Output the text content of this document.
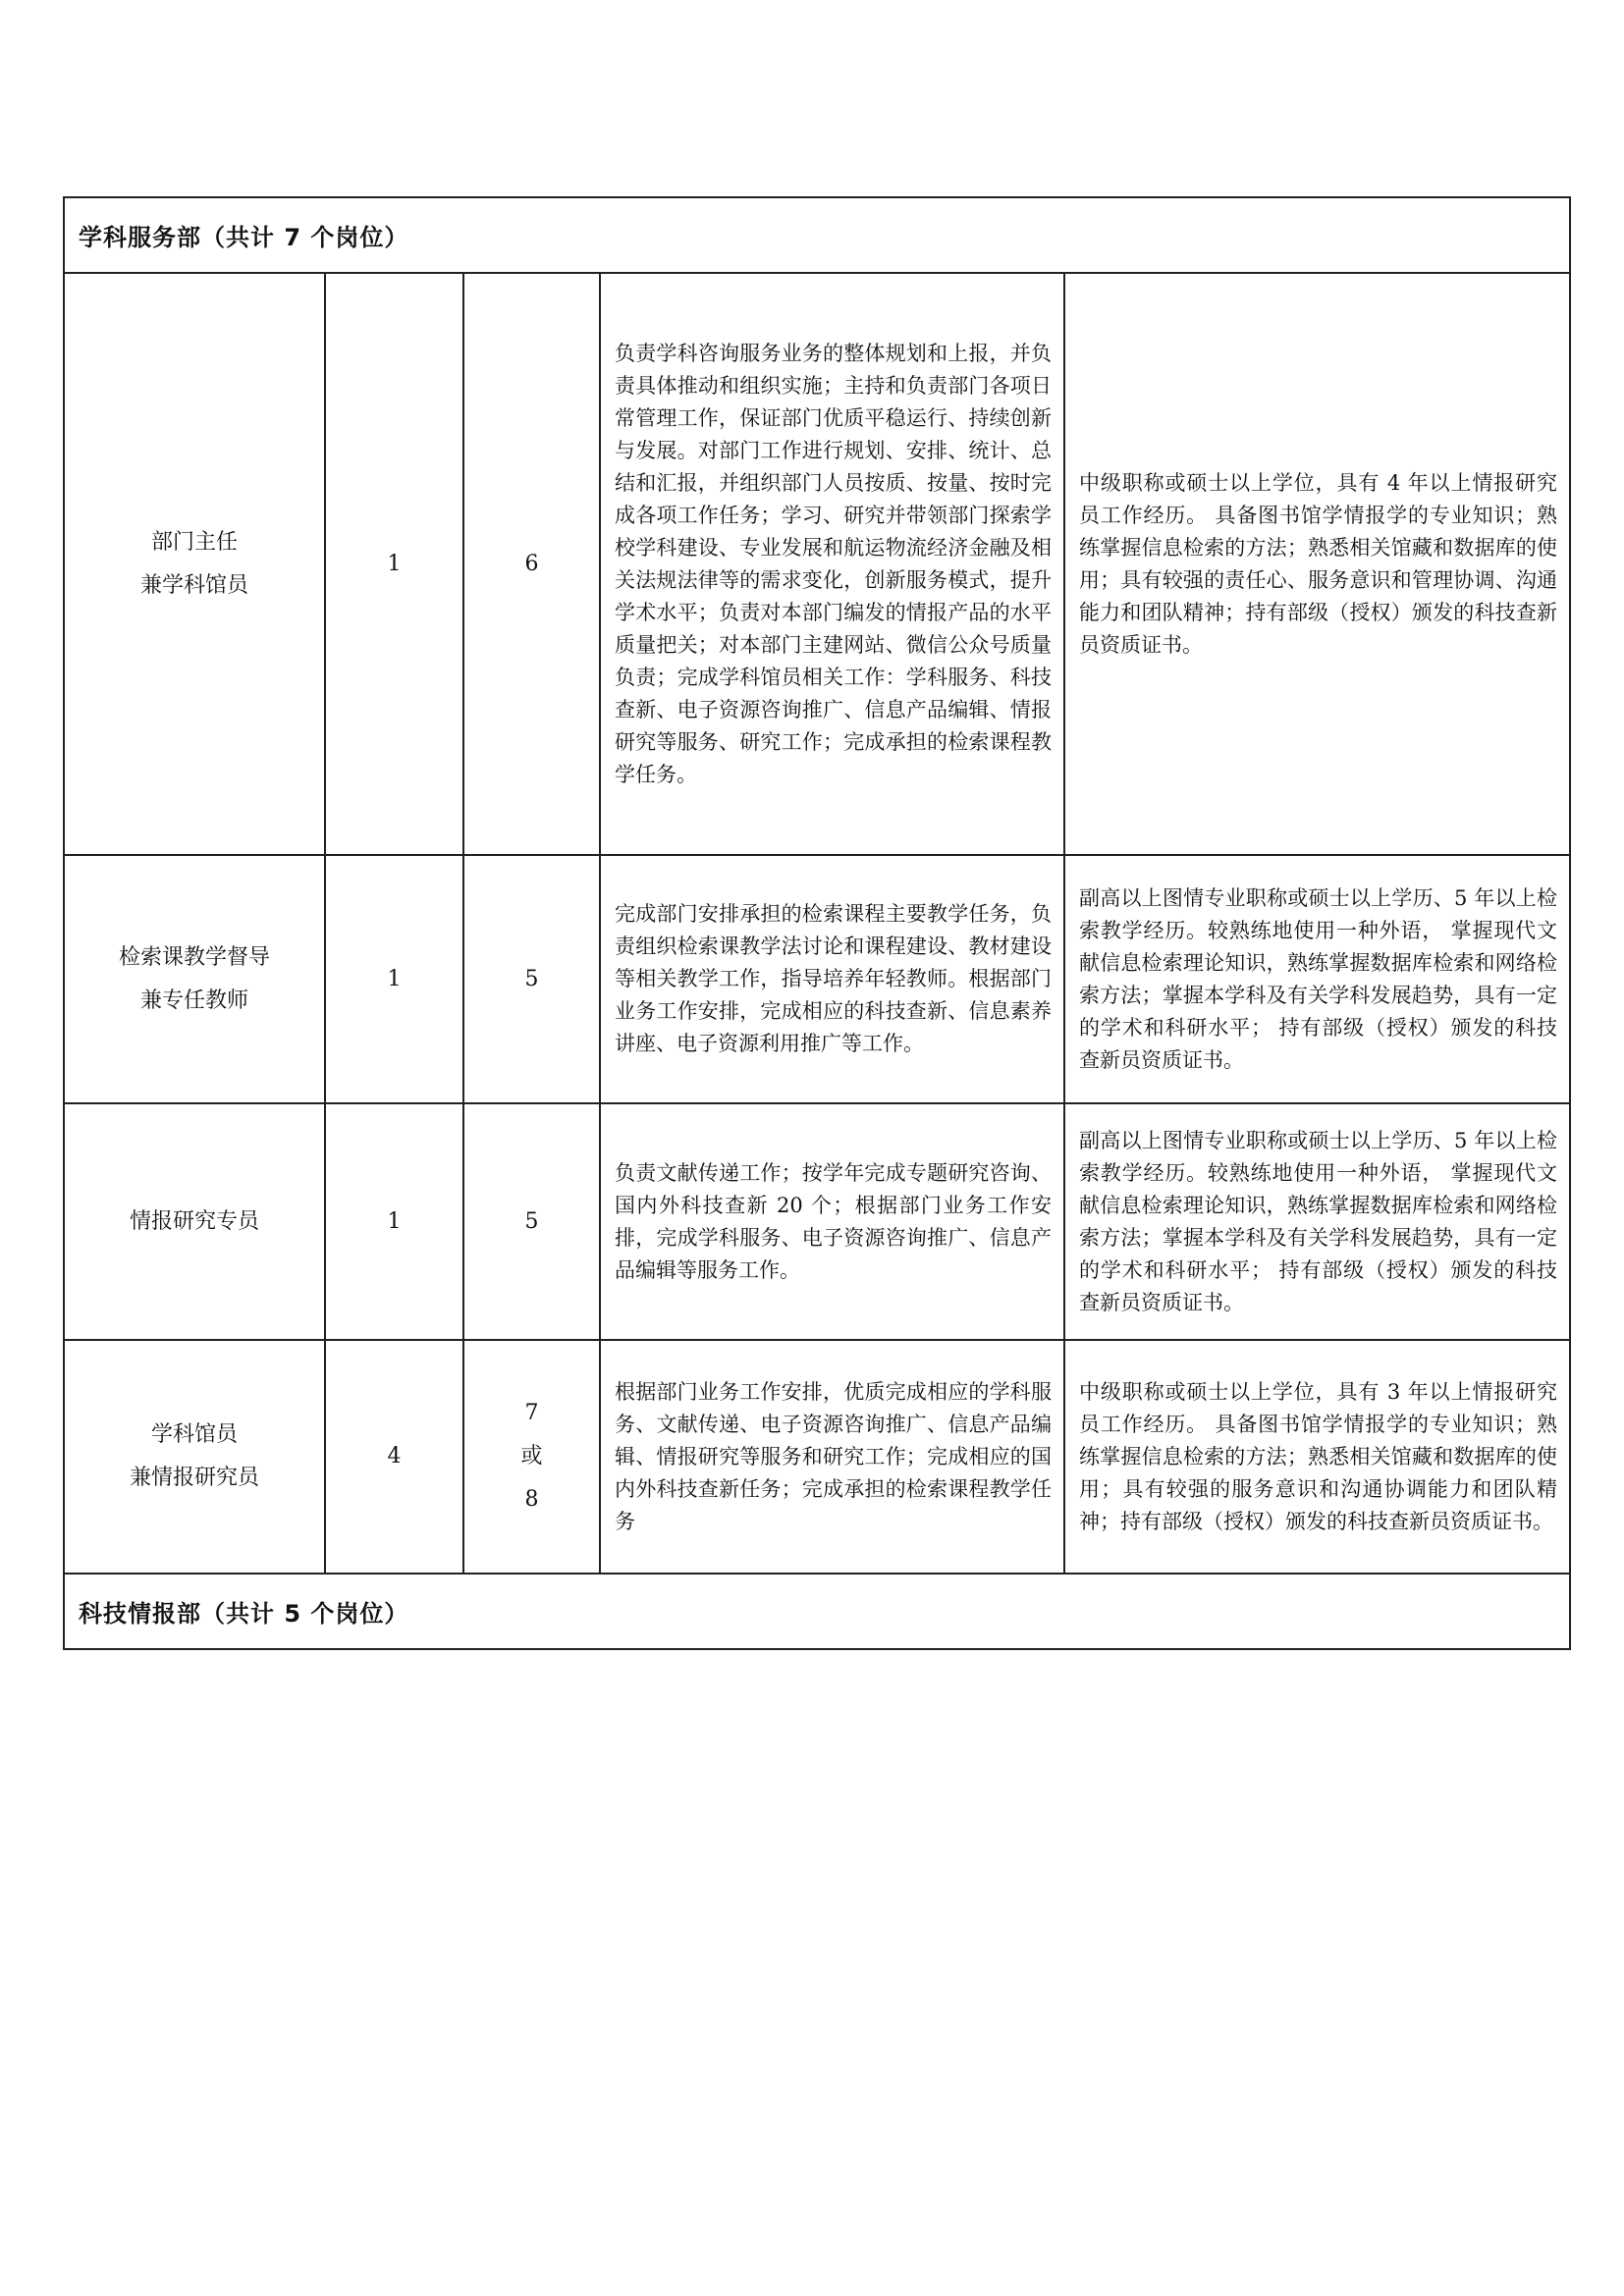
学科服务部（共计 7 个岗位）				

部门主任
兼学科馆员	1	6	负责学科咨询服务业务的整体规划和上报，并负责具体推动和组织实施；主持和负责部门各项日常管理工作，保证部门优质平稳运行、持续创新与发展。对部门工作进行规划、安排、统计、总结和汇报，并组织部门人员按质、按量、按时完成各项工作任务；学习、研究并带领部门探索学校学科建设、专业发展和航运物流经济金融及相关法规法律等的需求变化，创新服务模式，提升学术水平；负责对本部门编发的情报产品的水平质量把关；对本部门主建网站、微信公众号质量负责；完成学科馆员相关工作：学科服务、科技查新、电子资源咨询推广、信息产品编辑、情报研究等服务、研究工作；完成承担的检索课程教学任务。	中级职称或硕士以上学位，具有 4 年以上情报研究员工作经历。 具备图书馆学情报学的专业知识；熟练掌握信息检索的方法；熟悉相关馆藏和数据库的使用；具有较强的责任心、服务意识和管理协调、沟通能力和团队精神；持有部级（授权）颁发的科技查新员资质证书。

检索课教学督导
兼专任教师	1	5	完成部门安排承担的检索课程主要教学任务，负责组织检索课教学法讨论和课程建设、教材建设等相关教学工作，指导培养年轻教师。根据部门业务工作安排，完成相应的科技查新、信息素养讲座、电子资源利用推广等工作。	副高以上图情专业职称或硕士以上学历、5 年以上检索教学经历。较熟练地使用一种外语， 掌握现代文献信息检索理论知识，熟练掌握数据库检索和网络检索方法；掌握本学科及有关学科发展趋势，具有一定的学术和科研水平； 持有部级（授权）颁发的科技查新员资质证书。

情报研究专员	1	5	负责文献传递工作；按学年完成专题研究咨询、国内外科技查新 20 个；根据部门业务工作安排，完成学科服务、电子资源咨询推广、信息产品编辑等服务工作。	副高以上图情专业职称或硕士以上学历、5 年以上检索教学经历。较熟练地使用一种外语， 掌握现代文献信息检索理论知识，熟练掌握数据库检索和网络检索方法；掌握本学科及有关学科发展趋势，具有一定的学术和科研水平； 持有部级（授权）颁发的科技查新员资质证书。

学科馆员
兼情报研究员	4	7
或
8	根据部门业务工作安排，优质完成相应的学科服务、文献传递、电子资源咨询推广、信息产品编辑、情报研究等服务和研究工作；完成相应的国内外科技查新任务；完成承担的检索课程教学任务	中级职称或硕士以上学位，具有 3 年以上情报研究员工作经历。 具备图书馆学情报学的专业知识；熟练掌握信息检索的方法；熟悉相关馆藏和数据库的使用；具有较强的服务意识和沟通协调能力和团队精神；持有部级（授权）颁发的科技查新员资质证书。
科技情报部（共计 5 个岗位）				
